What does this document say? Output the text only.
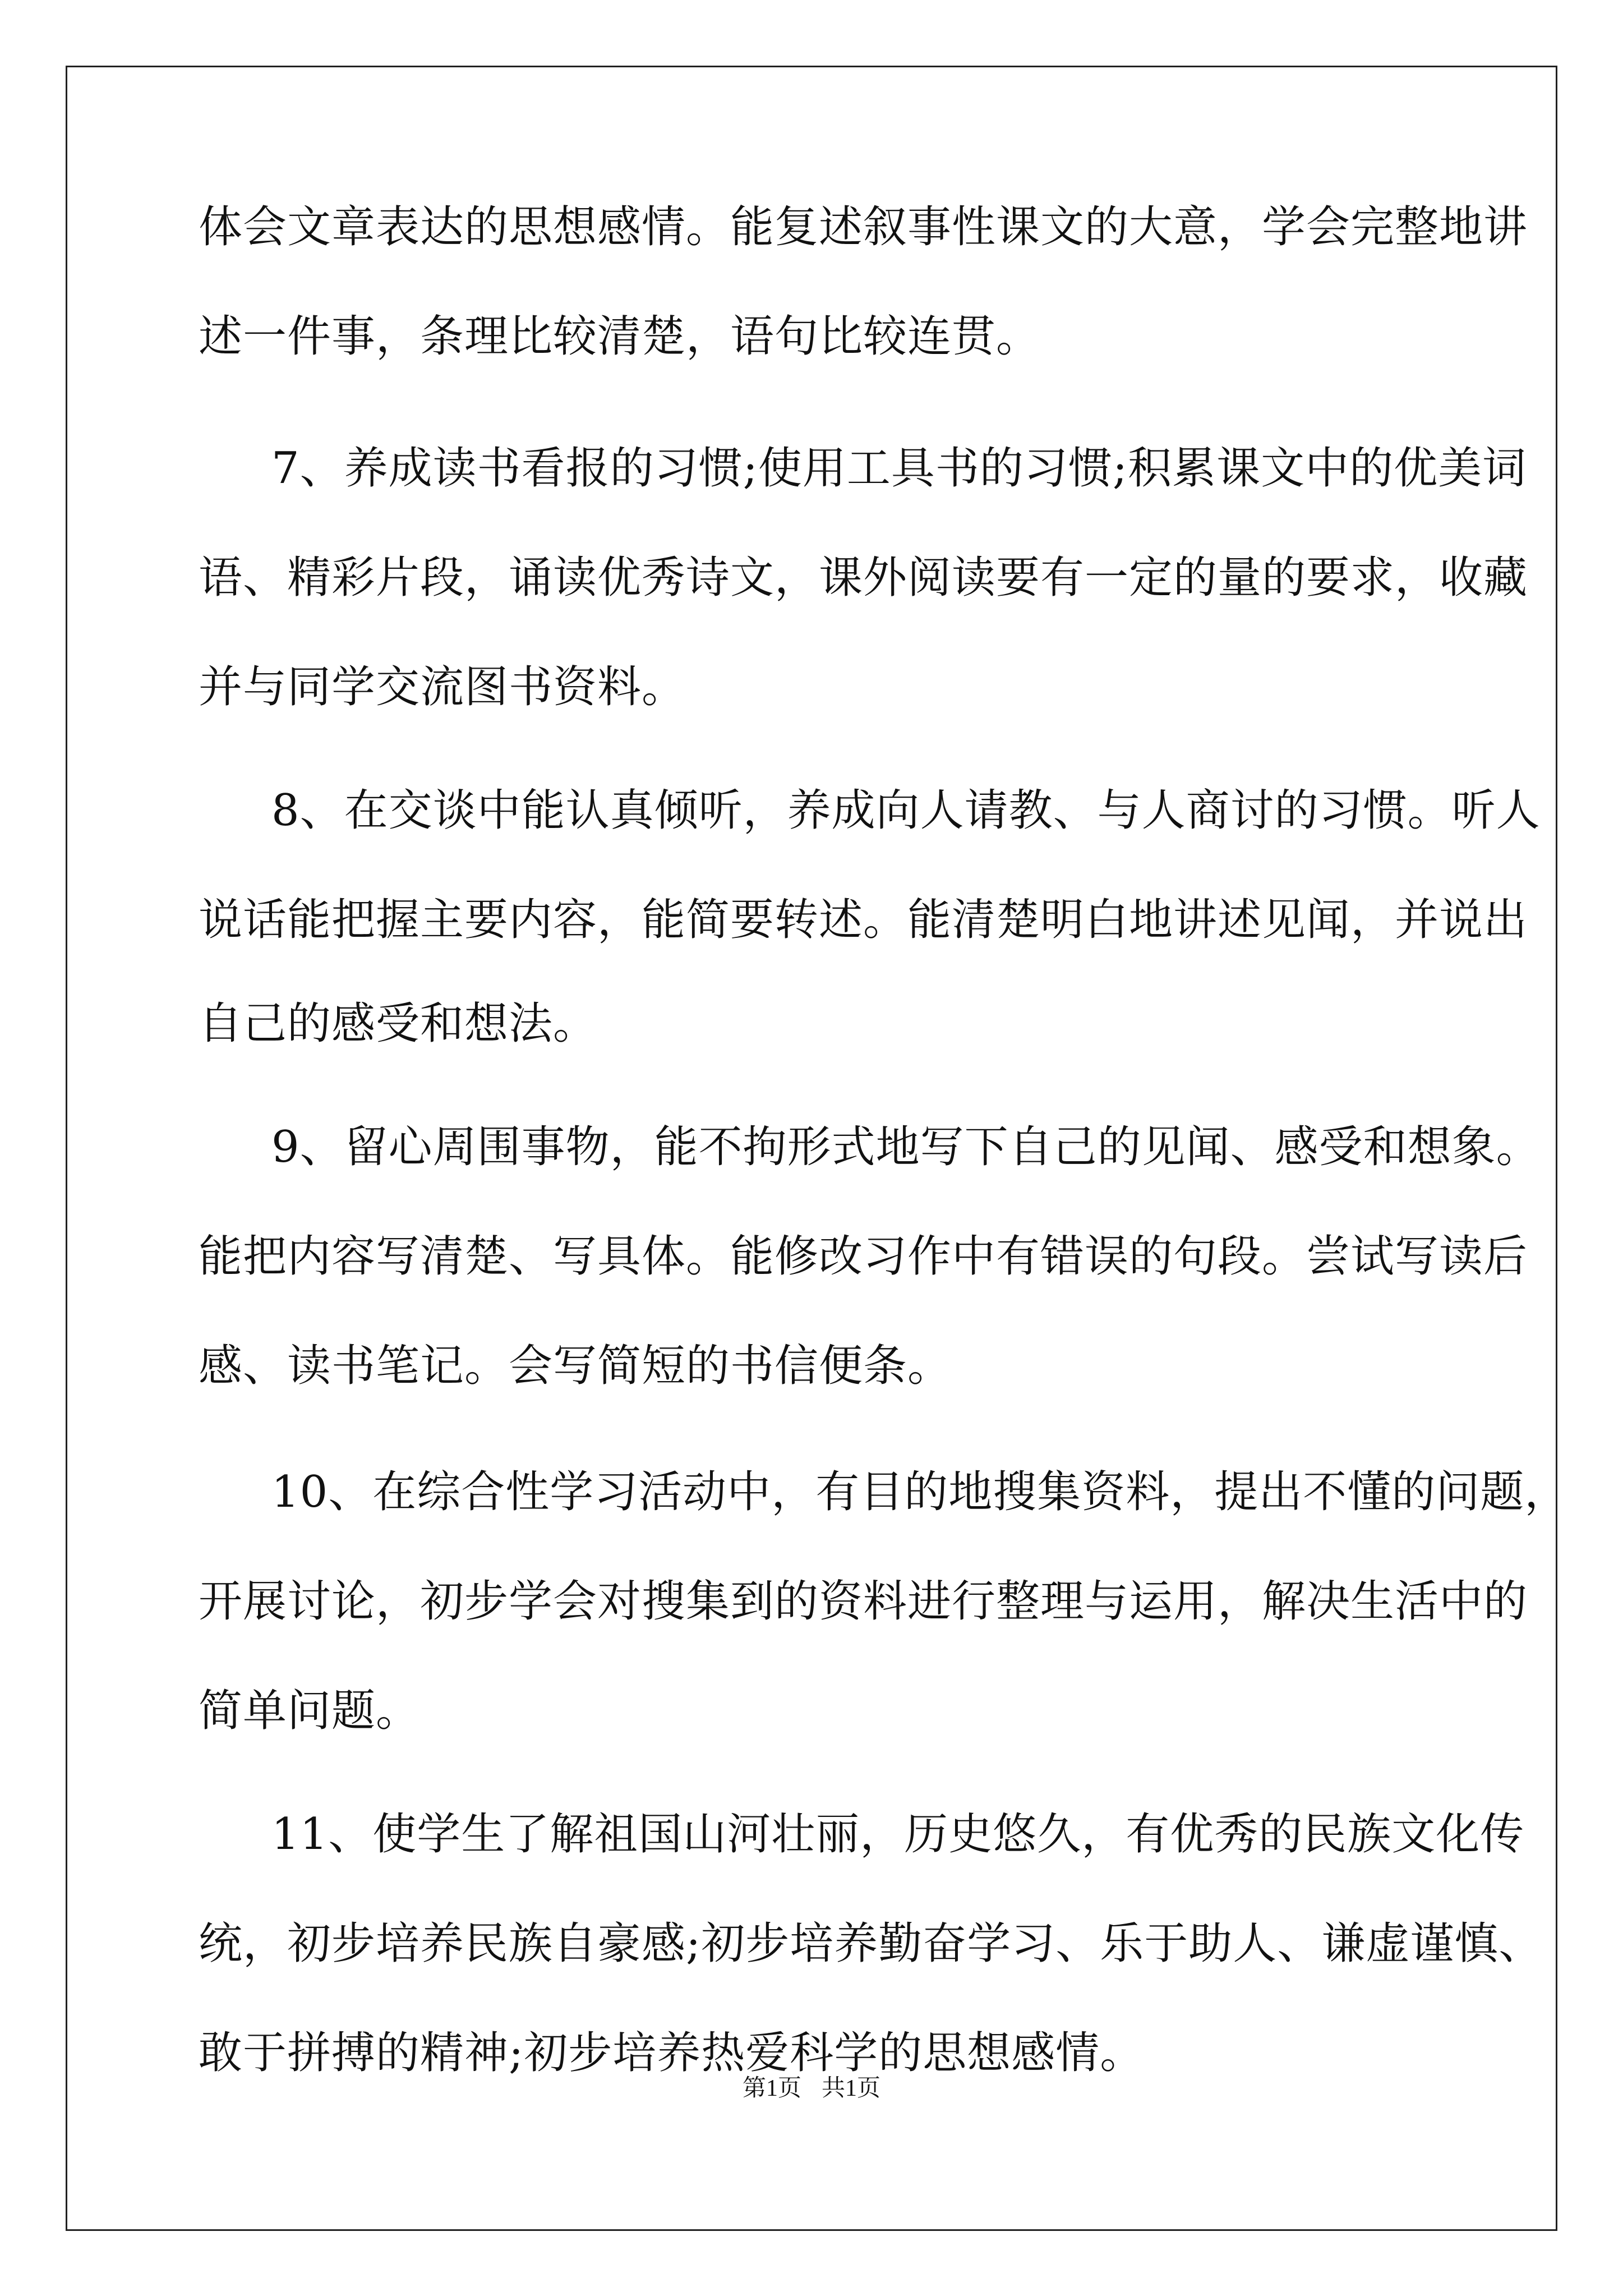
体会文章表达的思想感情。能复述叙事性课文的大意，学会完整地讲
述一件事，条理比较清楚，语句比较连贯。
7、养成读书看报的习惯;使用工具书的习惯;积累课文中的优美词
语、精彩片段，诵读优秀诗文，课外阅读要有一定的量的要求，收藏
并与同学交流图书资料。
8、在交谈中能认真倾听，养成向人请教、与人商讨的习惯。听人
说话能把握主要内容，能简要转述。能清楚明白地讲述见闻，并说出
自己的感受和想法。
9、留心周围事物，能不拘形式地写下自己的见闻、感受和想象。
能把内容写清楚、写具体。能修改习作中有错误的句段。尝试写读后
感、读书笔记。会写简短的书信便条。
10、在综合性学习活动中，有目的地搜集资料，提出不懂的问题，
开展讨论，初步学会对搜集到的资料进行整理与运用，解决生活中的
简单问题。
11、使学生了解祖国山河壮丽，历史悠久，有优秀的民族文化传
统，初步培养民族自豪感;初步培养勤奋学习、乐于助人、谦虚谨慎、
敢于拼搏的精神;初步培养热爱科学的思想感情。
第1页 共1页
